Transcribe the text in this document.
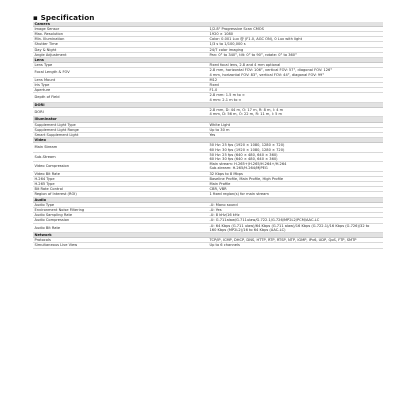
▪ Specification
Camera	
Image Sensor	1/2.8" Progressive Scan CMOS

Max. Resolution	1920 × 1080

Min. Illumination	Color: 0.001 Lux @ (F1.0, AGC ON), 0 Lux with light

Shutter Time	1/3 s to 1/100,000 s

Day & Night	24/7 color imaging

Angle Adjustment	Pan: 0° to 340°, tilt: 0° to 90°, rotate: 0° to 360°

Lens	
Lens Type	Fixed focal lens, 2.8 and 4 mm optional

Focal Length & FOV	2.8 mm, horizontal FOV: 106°, vertical FOV: 57°, diagonal FOV: 126°
4 mm, horizontal FOV: 83°, vertical FOV: 44°, diagonal FOV: 99°

Lens Mount	M12

Iris Type	Fixed

Aperture	F1.0

Depth of Field	2.8 mm: 1.5 m to ∞
4 mm: 2.1 m to ∞

DORI	
DORI	2.8 mm, D: 44 m, O: 17 m, R: 8 m, I: 4 m
4 mm, D: 56 m, O: 22 m, R: 11 m, I: 5 m

Illuminator	
Supplement Light Type	White Light

Supplement Light Range	Up to 30 m

Smart Supplement Light	Yes

Video	
Main Stream	50 Hz: 25 fps (1920 × 1080, 1280 × 720)
60 Hz: 30 fps (1920 × 1080, 1280 × 720)

Sub-Stream	50 Hz: 25 fps (640 × 480, 640 × 360)
60 Hz: 30 fps (640 × 480, 640 × 360)

Video Compression	Main stream: H.265+/H.265/H.264+/H.264
Sub-stream: H.265/H.264/MJPEG

Video Bit Rate	32 Kbps to 8 Mbps

H.264 Type	Baseline Profile, Main Profile, High Profile

H.265 Type	Main Profile

Bit Rate Control	CBR, VBR

Region of Interest (ROI)	1 fixed region(s) for main stream

Audio	
Audio Type	-U: Mono sound

Environment Noise Filtering	-U: Yes

Audio Sampling Rate	-U: 8 kHz/16 kHz

Audio Compression	-U: G.711alaw/G.711ulaw/G.722.1/G.726/MP2L2/PCM/AAC-LC

Audio Bit Rate	-U: 64 Kbps (G.711 ulaw)/64 Kbps (G.711 alaw)/16 Kbps (G.722.1)/16 Kbps (G.726)/32 to
160 Kbps (MP2L2)/16 to 64 Kbps (AAC-LC)

Network	
Protocols	TCP/IP, ICMP, DHCP, DNS, HTTP, RTP, RTSP, NTP, IGMP, IPv6, UDP, QoS, FTP, SMTP

Simultaneous Live View	Up to 6 channels
